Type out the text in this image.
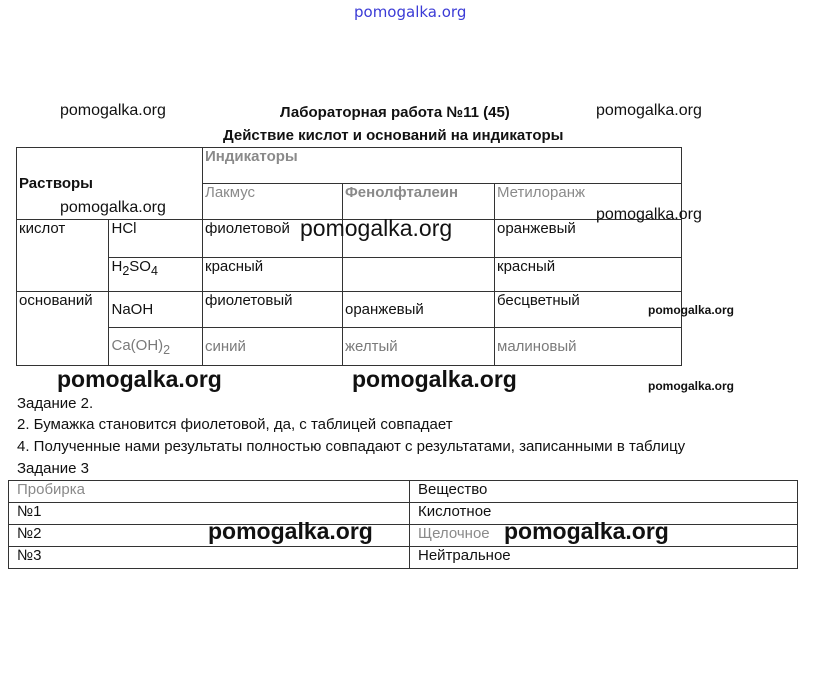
pomogalka.org
pomogalka.org	pomogalka.org
Лабораторная работа №11 (45)
Действие кислот и оснований на индикаторы
Растворы		Индикаторы		
		Лакмус	Фенолфталеин	Метилоранж
кислот	HCl	фиолетовой		оранжевый
	$H_2SO_4$	красный		красный
оснований	NaOH	фиолетовый	оранжевый	бесцветный
	$Ca(OH)_2$	синий	желтый	малиновый
pomogalka.org	pomogalka.org
pomogalka.org
pomogalka.org
pomogalka.org	pomogalka.org	pomogalka.org
Задание 2.
2. Бумажка становится фиолетовой, да, с таблицей совпадает
4. Полученные нами результаты полностью совпадают с результатами, записанными в таблицу
Задание 3
Пробирка	Вещество
№1	Кислотное
№2	Щелочное
№3	Нейтральное
pomogalka.org	pomogalka.org
